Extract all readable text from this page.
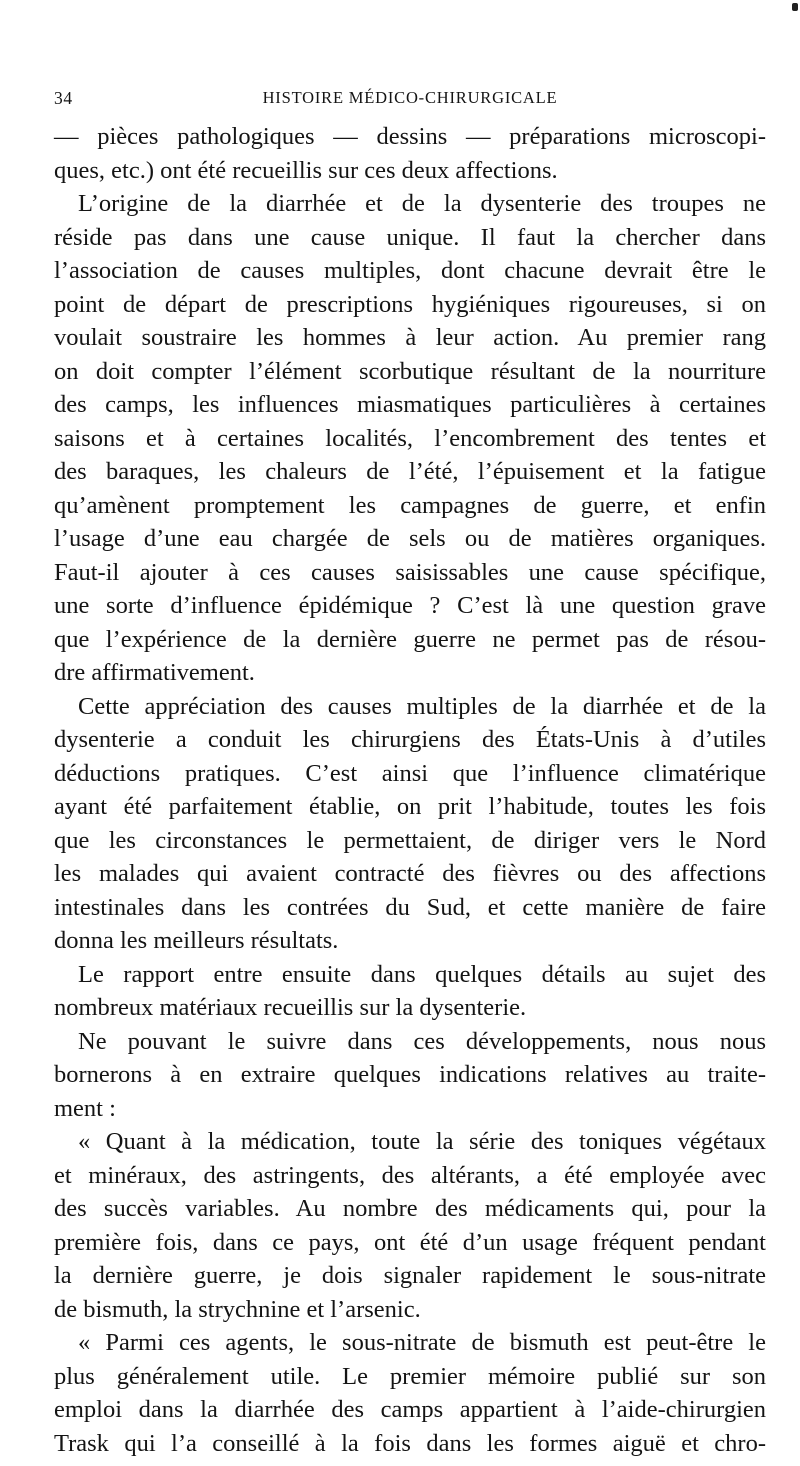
34	HISTOIRE MÉDICO-CHIRURGICALE
— pièces pathologiques — dessins — préparations microscopi-
ques, etc.) ont été recueillis sur ces deux affections.
L’origine de la diarrhée et de la dysenterie des troupes ne
réside pas dans une cause unique. Il faut la chercher dans
l’association de causes multiples, dont chacune devrait être le
point de départ de prescriptions hygiéniques rigoureuses, si on
voulait soustraire les hommes à leur action. Au premier rang
on doit compter l’élément scorbutique résultant de la nourriture
des camps, les influences miasmatiques particulières à certaines
saisons et à certaines localités, l’encombrement des tentes et
des baraques, les chaleurs de l’été, l’épuisement et la fatigue
qu’amènent promptement les campagnes de guerre, et enfin
l’usage d’une eau chargée de sels ou de matières organiques.
Faut-il ajouter à ces causes saisissables une cause spécifique,
une sorte d’influence épidémique ? C’est là une question grave
que l’expérience de la dernière guerre ne permet pas de résou-
dre affirmativement.
Cette appréciation des causes multiples de la diarrhée et de la
dysenterie a conduit les chirurgiens des États-Unis à d’utiles
déductions pratiques. C’est ainsi que l’influence climatérique
ayant été parfaitement établie, on prit l’habitude, toutes les fois
que les circonstances le permettaient, de diriger vers le Nord
les malades qui avaient contracté des fièvres ou des affections
intestinales dans les contrées du Sud, et cette manière de faire
donna les meilleurs résultats.
Le rapport entre ensuite dans quelques détails au sujet des
nombreux matériaux recueillis sur la dysenterie.
Ne pouvant le suivre dans ces développements, nous nous
bornerons à en extraire quelques indications relatives au traite-
ment :
« Quant à la médication, toute la série des toniques végétaux
et minéraux, des astringents, des altérants, a été employée avec
des succès variables. Au nombre des médicaments qui, pour la
première fois, dans ce pays, ont été d’un usage fréquent pendant
la dernière guerre, je dois signaler rapidement le sous-nitrate
de bismuth, la strychnine et l’arsenic.
« Parmi ces agents, le sous-nitrate de bismuth est peut-être le
plus généralement utile. Le premier mémoire publié sur son
emploi dans la diarrhée des camps appartient à l’aide-chirurgien
Trask qui l’a conseillé à la fois dans les formes aiguë et chro-
